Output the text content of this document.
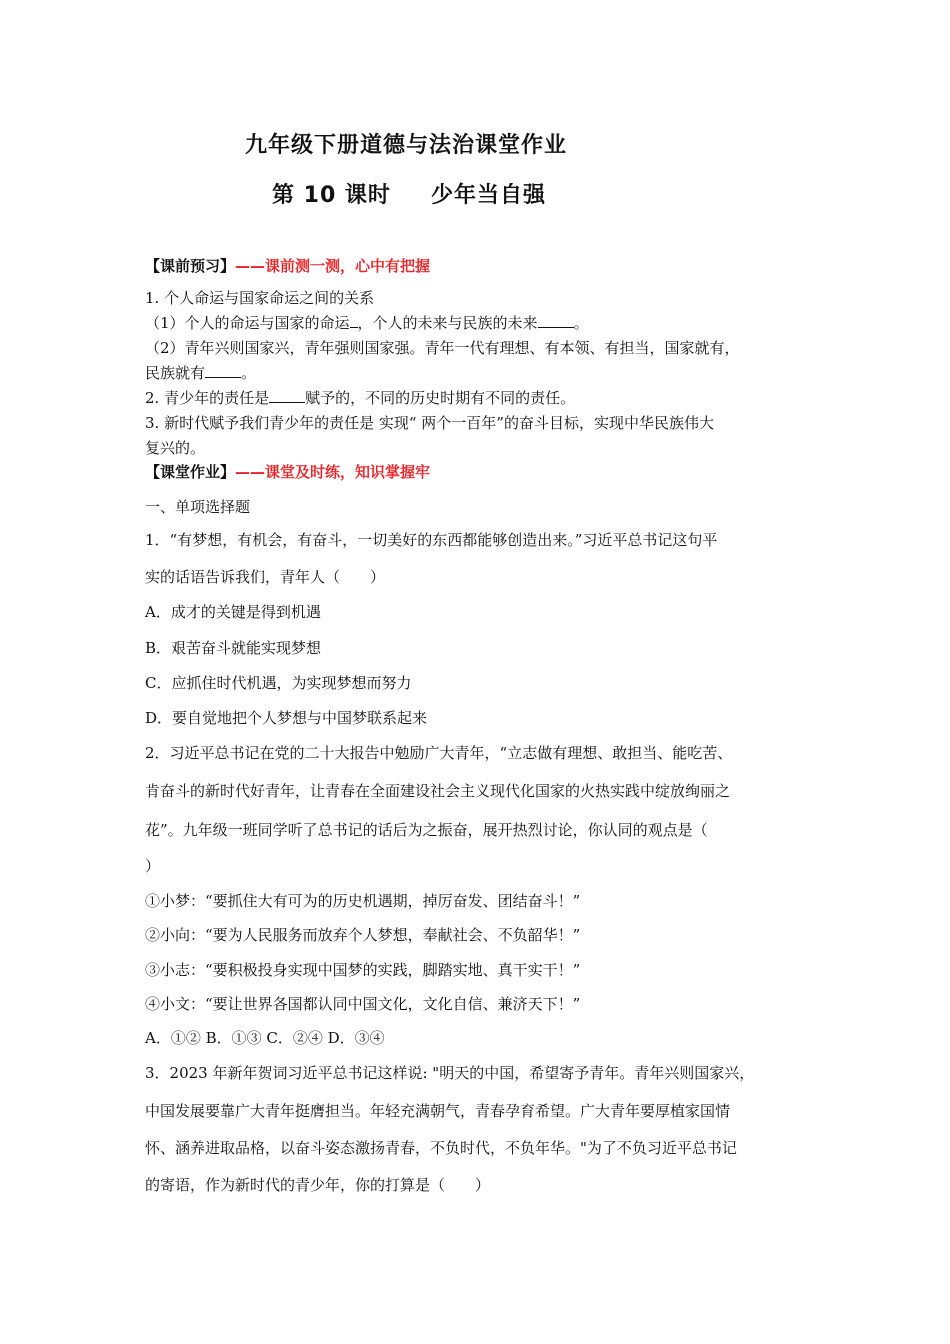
九年级下册道德与法治课堂作业
第 10 课时 少年当自强
【课前预习】——课前测一测，心中有把握
1. 个人命运与国家命运之间的关系
（1）个人的命运与国家的命运 ，个人的未来与民族的未来 。
（2）青年兴则国家兴，青年强则国家强。青年一代有理想、有本领、有担当，国家就有，
民族就有 。
2. 青少年的责任是 赋予的，不同的历史时期有不同的责任。
3. 新时代赋予我们青少年的责任是 实现“ 两个一百年”的奋斗目标，实现中华民族伟大
复兴的。
【课堂作业】——课堂及时练，知识掌握牢
一、单项选择题
1．“有梦想，有机会，有奋斗，一切美好的东西都能够创造出来。”习近平总书记这句平
实的话语告诉我们，青年人（　　）
A．成才的关键是得到机遇
B．艰苦奋斗就能实现梦想
C．应抓住时代机遇，为实现梦想而努力
D．要自觉地把个人梦想与中国梦联系起来
2．习近平总书记在党的二十大报告中勉励广大青年，“立志做有理想、敢担当、能吃苦、
肯奋斗的新时代好青年，让青春在全面建设社会主义现代化国家的火热实践中绽放绚丽之
花”。九年级一班同学听了总书记的话后为之振奋，展开热烈讨论，你认同的观点是（
）
①小梦：“要抓住大有可为的历史机遇期，掉厉奋发、团结奋斗！”
②小向：“要为人民服务而放弃个人梦想，奉献社会、不负韶华！”
③小志：“要积极投身实现中国梦的实践，脚踏实地、真干实干！”
④小文：“要让世界各国都认同中国文化，文化自信、兼济天下！”
A．①② B．①③ C．②④ D．③④
3．2023 年新年贺词习近平总书记这样说: "明天的中国，希望寄予青年。青年兴则国家兴，
中国发展要靠广大青年挺膺担当。年轻充满朝气，青春孕育希望。广大青年要厚植家国情
怀、涵养进取品格，以奋斗姿态激扬青春，不负时代，不负年华。"为了不负习近平总书记
的寄语，作为新时代的青少年，你的打算是（　　）
